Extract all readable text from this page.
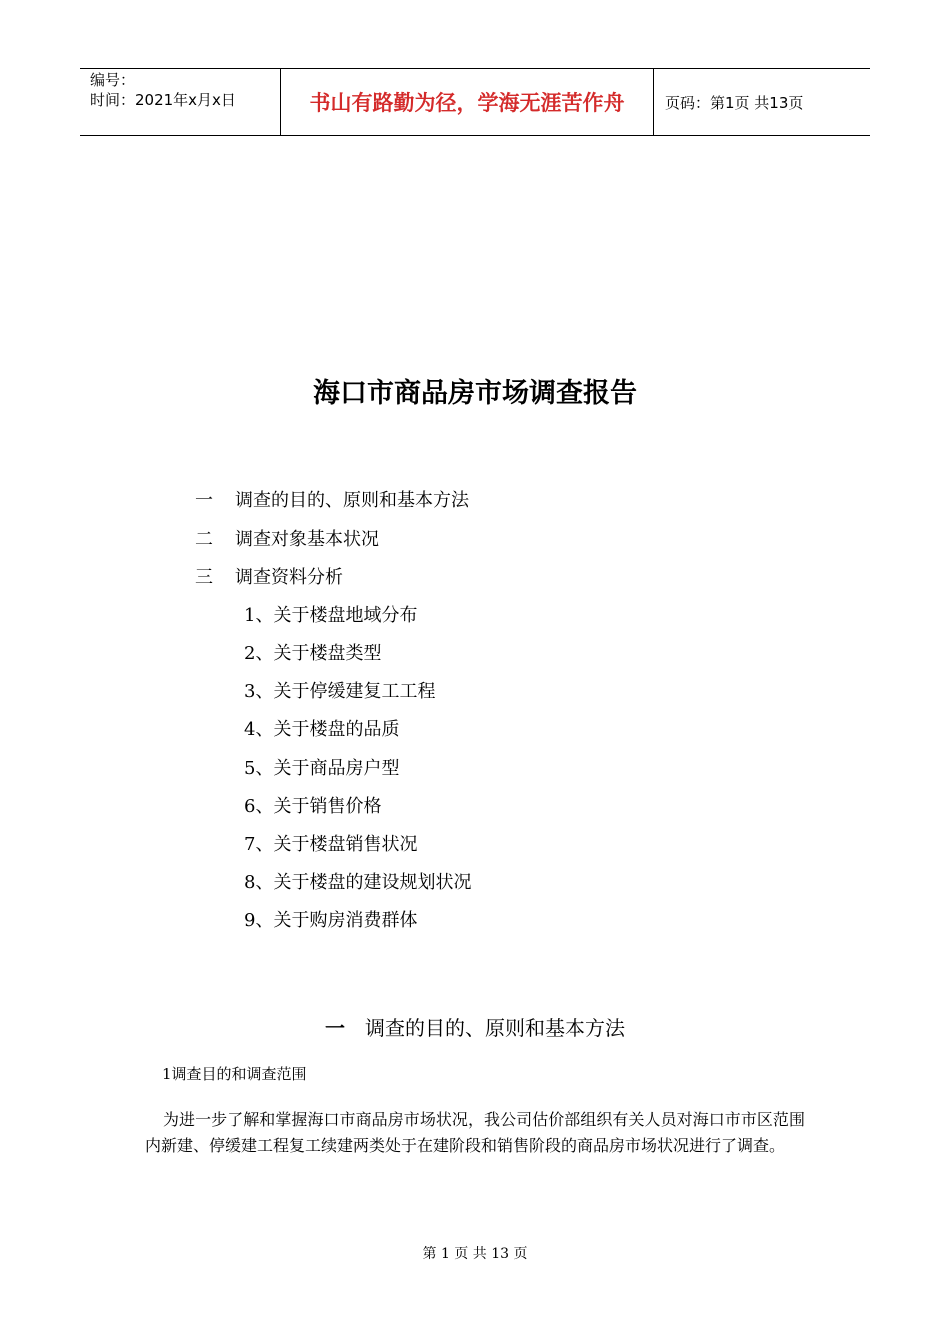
编号：
时间：2021年x月x日	书山有路勤为径，学海无涯苦作舟	页码：第1页 共13页
海口市商品房市场调查报告
一 调查的目的、原则和基本方法
二 调查对象基本状况
三 调查资料分析
1、关于楼盘地域分布
2、关于楼盘类型
3、关于停缓建复工工程
4、关于楼盘的品质
5、关于商品房户型
6、关于销售价格
7、关于楼盘销售状况
8、关于楼盘的建设规划状况
9、关于购房消费群体
一 调查的目的、原则和基本方法
1调查目的和调查范围
为进一步了解和掌握海口市商品房市场状况，我公司估价部组织有关人员对海口市市区范围内新建、停缓建工程复工续建两类处于在建阶段和销售阶段的商品房市场状况进行了调查。
第 1 页 共 13 页
